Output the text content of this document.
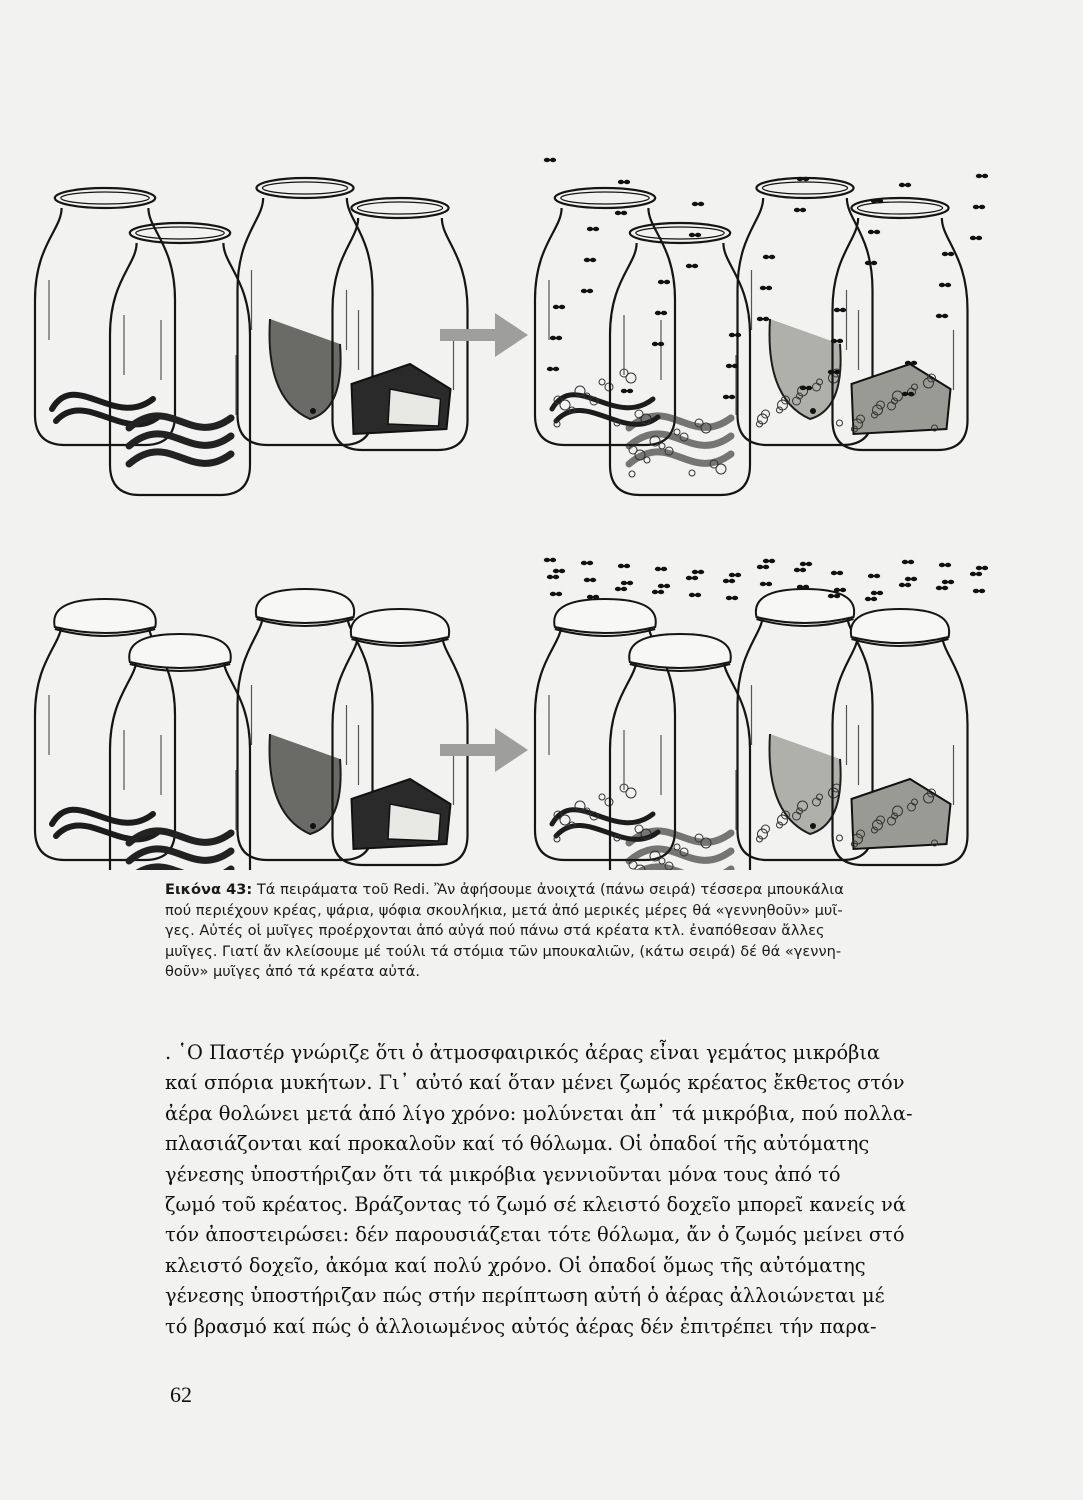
Εικόνα 43: Τά πειράματα τοῦ Redi. Ἂν ἀφήσουμε ἀνοιχτά (πάνω σειρά) τέσσερα μπουκάλια
πού περιέχουν κρέας, ψάρια, ψόφια σκουλήκια, μετά ἀπό μερικές μέρες θά «γεννηθοῦν» μυῖ-
γες. Αὐτές οἱ μυῖγες προέρχονται ἀπό αὐγά πού πάνω στά κρέατα κτλ. ἐναπόθεσαν ἄλλες
μυῖγες. Γιατί ἄν κλείσουμε μέ τούλι τά στόμια τῶν μπουκαλιῶν, (κάτω σειρά) δέ θά «γεννη-
θοῦν» μυῖγες ἀπό τά κρέατα αὐτά.
. ῾Ο Παστέρ γνώριζε ὅτι ὁ ἀτμοσφαιρικός ἀέρας εἶναι γεμάτος μικρόβια
καί σπόρια μυκήτων. Γι᾽ αὐτό καί ὅταν μένει ζωμός κρέατος ἔκθετος στόν
ἀέρα θολώνει μετά ἀπό λίγο χρόνο: μολύνεται ἀπ᾽ τά μικρόβια, πού πολλα-
πλασιάζονται καί προκαλοῦν καί τό θόλωμα. Οἱ ὀπαδοί τῆς αὐτόματης
γένεσης ὑποστήριζαν ὅτι τά μικρόβια γεννιοῦνται μόνα τους ἀπό τό
ζωμό τοῦ κρέατος. Βράζοντας τό ζωμό σέ κλειστό δοχεῖο μπορεῖ κανείς νά
τόν ἀποστειρώσει: δέν παρουσιάζεται τότε θόλωμα, ἄν ὁ ζωμός μείνει στό
κλειστό δοχεῖο, ἀκόμα καί πολύ χρόνο. Οἱ ὀπαδοί ὅμως τῆς αὐτόματης
γένεσης ὑποστήριζαν πώς στήν περίπτωση αὐτή ὁ ἀέρας ἀλλοιώνεται μέ
τό βρασμό καί πώς ὁ ἀλλοιωμένος αὐτός ἀέρας δέν ἐπιτρέπει τήν παρα-
62
